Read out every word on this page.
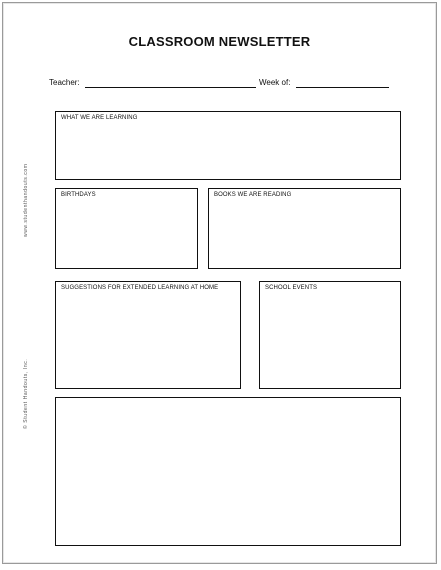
CLASSROOM NEWSLETTER
Teacher:	Week of:
WHAT WE ARE LEARNING
BIRTHDAYS	BOOKS WE ARE READING
SUGGESTIONS FOR EXTENDED LEARNING AT HOME	SCHOOL EVENTS
www.studenthandouts.com
© Student Handouts, Inc.
